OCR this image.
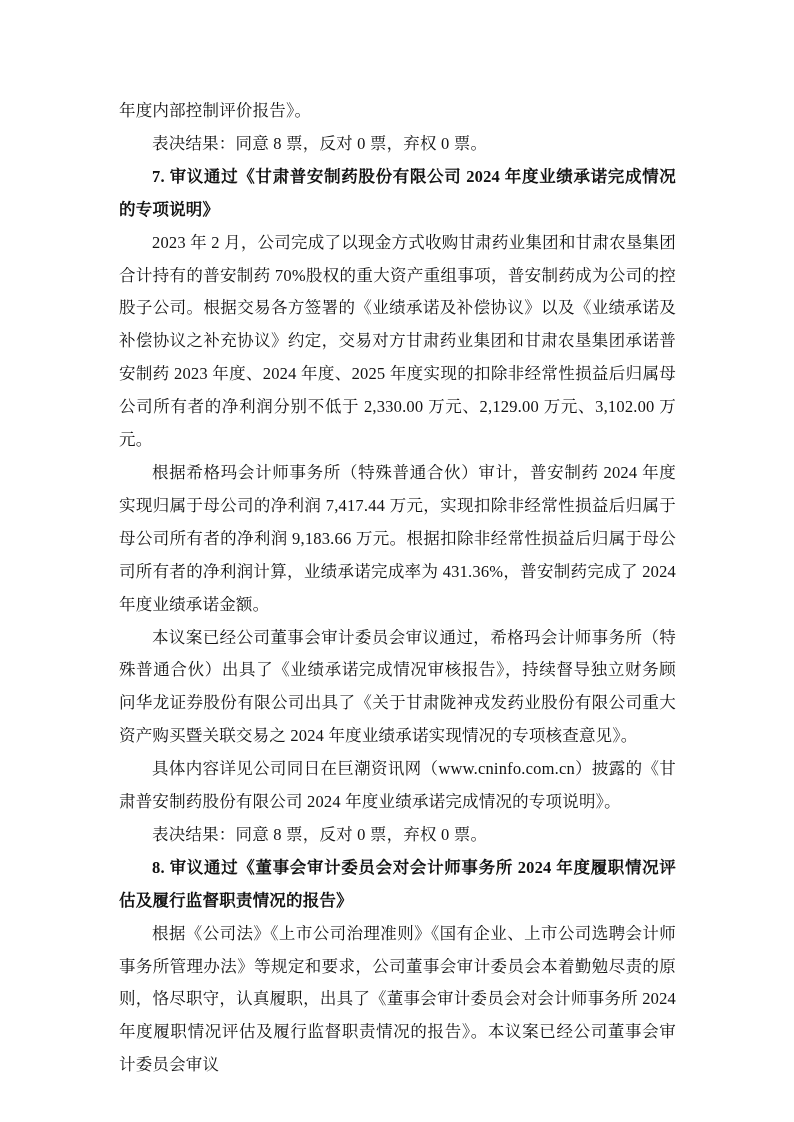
年度内部控制评价报告》。

表决结果：同意 8 票，反对 0 票，弃权 0 票。

7. 审议通过《甘肃普安制药股份有限公司 2024 年度业绩承诺完成情况的专项说明》

2023 年 2 月，公司完成了以现金方式收购甘肃药业集团和甘肃农垦集团合计持有的普安制药 70%股权的重大资产重组事项，普安制药成为公司的控股子公司。根据交易各方签署的《业绩承诺及补偿协议》以及《业绩承诺及补偿协议之补充协议》约定，交易对方甘肃药业集团和甘肃农垦集团承诺普安制药 2023 年度、2024 年度、2025 年度实现的扣除非经常性损益后归属母公司所有者的净利润分别不低于 2,330.00 万元、2,129.00 万元、3,102.00 万元。

根据希格玛会计师事务所（特殊普通合伙）审计，普安制药 2024 年度实现归属于母公司的净利润 7,417.44 万元，实现扣除非经常性损益后归属于母公司所有者的净利润 9,183.66 万元。根据扣除非经常性损益后归属于母公司所有者的净利润计算，业绩承诺完成率为 431.36%，普安制药完成了 2024 年度业绩承诺金额。

本议案已经公司董事会审计委员会审议通过，希格玛会计师事务所（特殊普通合伙）出具了《业绩承诺完成情况审核报告》，持续督导独立财务顾问华龙证券股份有限公司出具了《关于甘肃陇神戎发药业股份有限公司重大资产购买暨关联交易之 2024 年度业绩承诺实现情况的专项核查意见》。

具体内容详见公司同日在巨潮资讯网（www.cninfo.com.cn）披露的《甘肃普安制药股份有限公司 2024 年度业绩承诺完成情况的专项说明》。

表决结果：同意 8 票，反对 0 票，弃权 0 票。

8. 审议通过《董事会审计委员会对会计师事务所 2024 年度履职情况评估及履行监督职责情况的报告》

根据《公司法》《上市公司治理准则》《国有企业、上市公司选聘会计师事务所管理办法》等规定和要求，公司董事会审计委员会本着勤勉尽责的原则，恪尽职守，认真履职，出具了《董事会审计委员会对会计师事务所 2024 年度履职情况评估及履行监督职责情况的报告》。本议案已经公司董事会审计委员会审议
